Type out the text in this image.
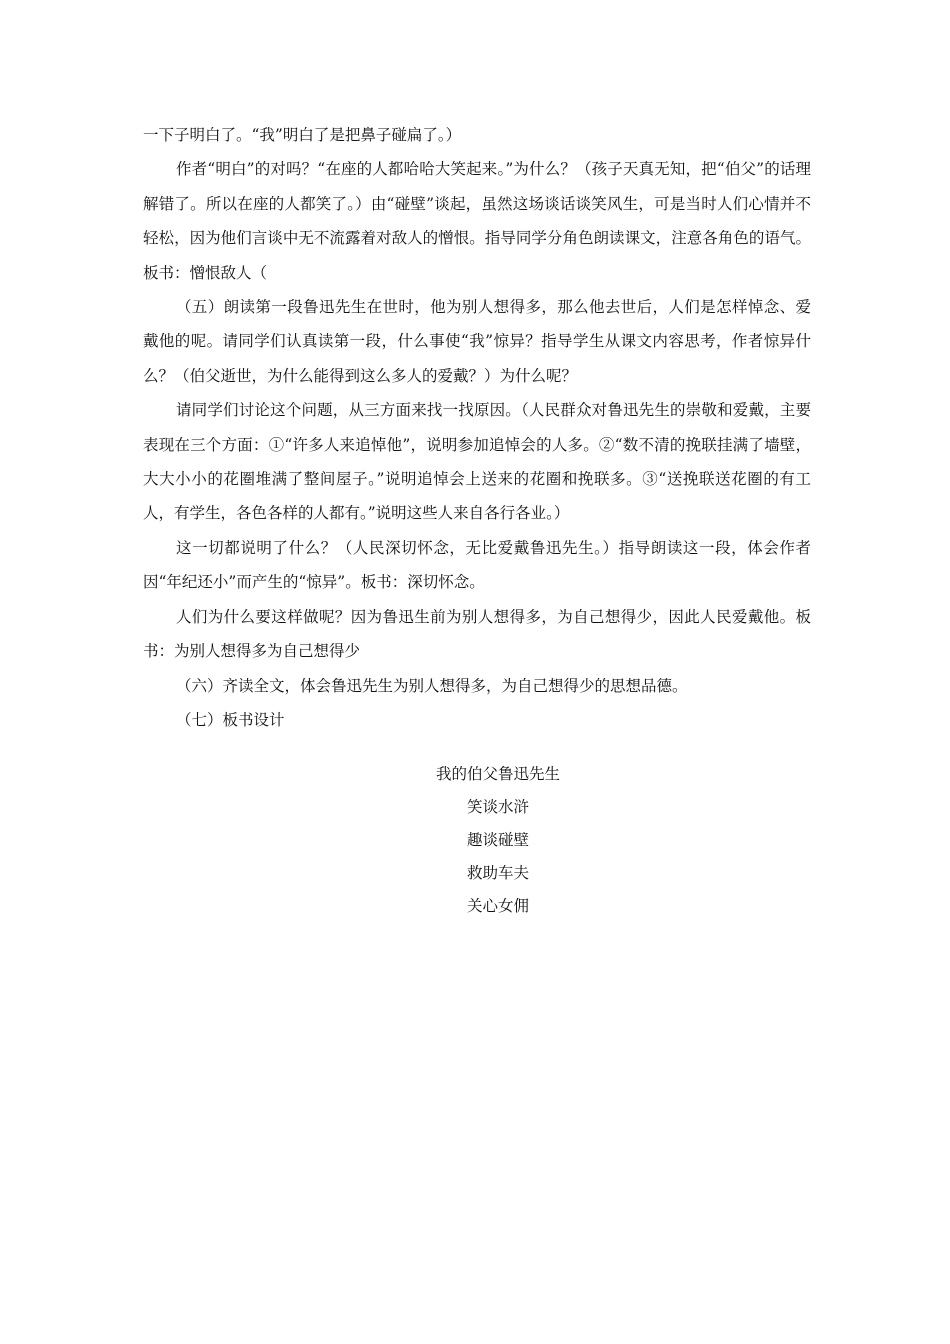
一下子明白了。“我”明白了是把鼻子碰扁了。）

作者“明白”的对吗？“在座的人都哈哈大笑起来。”为什么？（孩子天真无知，把“伯父”的话理解错了。所以在座的人都笑了。）由“碰壁”谈起，虽然这场谈话谈笑风生，可是当时人们心情并不轻松，因为他们言谈中无不流露着对敌人的憎恨。指导同学分角色朗读课文，注意各角色的语气。板书：憎恨敌人（

（五）朗读第一段鲁迅先生在世时，他为别人想得多，那么他去世后，人们是怎样悼念、爱戴他的呢。请同学们认真读第一段，什么事使“我”惊异？指导学生从课文内容思考，作者惊异什么？（伯父逝世，为什么能得到这么多人的爱戴？）为什么呢？

请同学们讨论这个问题，从三方面来找一找原因。（人民群众对鲁迅先生的崇敬和爱戴，主要表现在三个方面：①“许多人来追悼他”，说明参加追悼会的人多。②“数不清的挽联挂满了墙壁，大大小小的花圈堆满了整间屋子。”说明追悼会上送来的花圈和挽联多。③“送挽联送花圈的有工人，有学生，各色各样的人都有。”说明这些人来自各行各业。）

这一切都说明了什么？（人民深切怀念，无比爱戴鲁迅先生。）指导朗读这一段，体会作者因“年纪还小”而产生的“惊异”。板书：深切怀念。

人们为什么要这样做呢？因为鲁迅生前为别人想得多，为自己想得少，因此人民爱戴他。板书：为别人想得多为自己想得少

（六）齐读全文，体会鲁迅先生为别人想得多，为自己想得少的思想品德。

（七）板书设计

我的伯父鲁迅先生
笑谈水浒
趣谈碰壁
救助车夫
关心女佣
